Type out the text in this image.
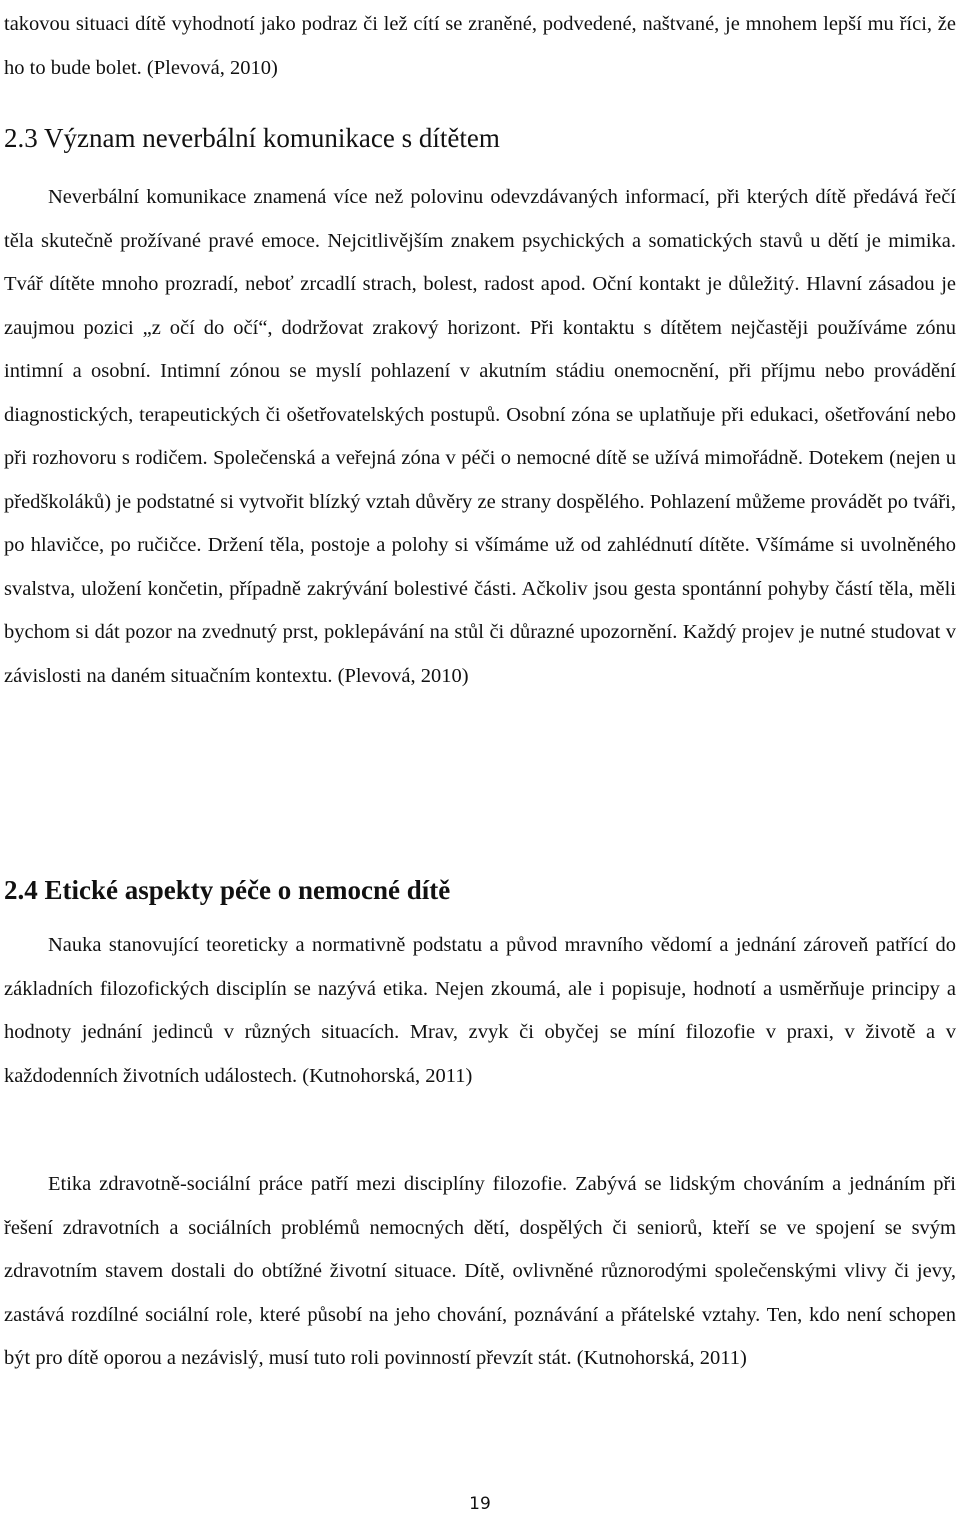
takovou situaci dítě vyhodnotí jako podraz či lež cítí se zraněné, podvedené, naštvané, je mnohem lepší mu říci, že ho to bude bolet. (Plevová, 2010)

2.3 Význam neverbální komunikace s dítětem

Neverbální komunikace znamená více než polovinu odevzdávaných informací, při kterých dítě předává řečí těla skutečně prožívané pravé emoce. Nejcitlivějším znakem psychických a somatických stavů u dětí je mimika. Tvář dítěte mnoho prozradí, neboť zrcadlí strach, bolest, radost apod. Oční kontakt je důležitý. Hlavní zásadou je zaujmou pozici „z očí do očí“, dodržovat zrakový horizont. Při kontaktu s dítětem nejčastěji používáme zónu intimní a osobní. Intimní zónou se myslí pohlazení v akutním stádiu onemocnění, při příjmu nebo provádění diagnostických, terapeutických či ošetřovatelských postupů. Osobní zóna se uplatňuje při edukaci, ošetřování nebo při rozhovoru s rodičem. Společenská a veřejná zóna v péči o nemocné dítě se užívá mimořádně. Dotekem (nejen u předškoláků) je podstatné si vytvořit blízký vztah důvěry ze strany dospělého. Pohlazení můžeme provádět po tváři, po hlavičce, po ručičce. Držení těla, postoje a polohy si všímáme už od zahlédnutí dítěte. Všímáme si uvolněného svalstva, uložení končetin, případně zakrývání bolestivé části. Ačkoliv jsou gesta spontánní pohyby částí těla, měli bychom si dát pozor na zvednutý prst, poklepávání na stůl či důrazné upozornění. Každý projev je nutné studovat v závislosti na daném situačním kontextu. (Plevová, 2010)

2.4 Etické aspekty péče o nemocné dítě

Nauka stanovující teoreticky a normativně podstatu a původ mravního vědomí a jednání zároveň patřící do základních filozofických disciplín se nazývá etika. Nejen zkoumá, ale i popisuje, hodnotí a usměrňuje principy a hodnoty jednání jedinců v různých situacích. Mrav, zvyk či obyčej se míní filozofie v praxi, v životě a v každodenních životních událostech. (Kutnohorská, 2011)

Etika zdravotně-sociální práce patří mezi disciplíny filozofie. Zabývá se lidským chováním a jednáním při řešení zdravotních a sociálních problémů nemocných dětí, dospělých či seniorů, kteří se ve spojení se svým zdravotním stavem dostali do obtížné životní situace. Dítě, ovlivněné různorodými společenskými vlivy či jevy, zastává rozdílné sociální role, které působí na jeho chování, poznávání a přátelské vztahy. Ten, kdo není schopen být pro dítě oporou a nezávislý, musí tuto roli povinností převzít stát. (Kutnohorská, 2011)

19
